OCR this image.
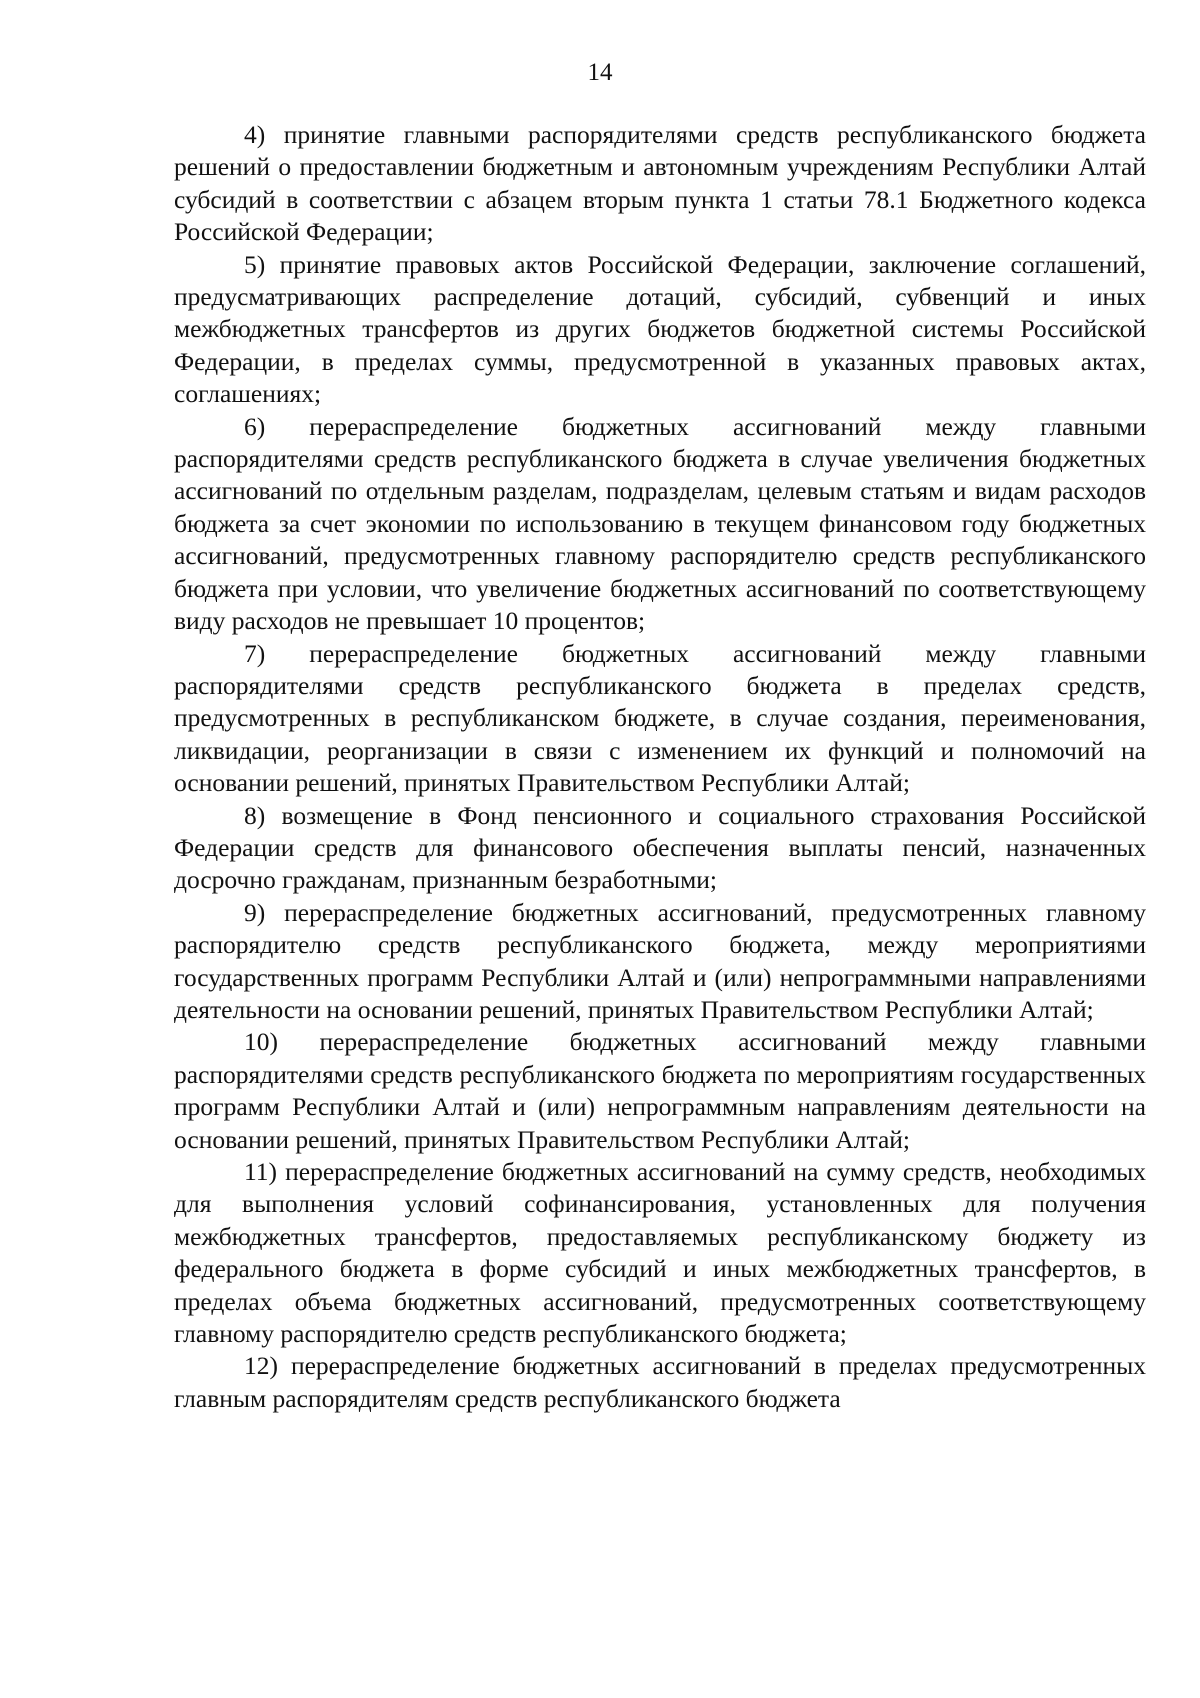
14

4) принятие главными распорядителями средств республиканского бюджета решений о предоставлении бюджетным и автономным учреждениям Республики Алтай субсидий в соответствии с абзацем вторым пункта 1 статьи 78.1 Бюджетного кодекса Российской Федерации;

5) принятие правовых актов Российской Федерации, заключение соглашений, предусматривающих распределение дотаций, субсидий, субвенций и иных межбюджетных трансфертов из других бюджетов бюджетной системы Российской Федерации, в пределах суммы, предусмотренной в указанных правовых актах, соглашениях;

6) перераспределение бюджетных ассигнований между главными распорядителями средств республиканского бюджета в случае увеличения бюджетных ассигнований по отдельным разделам, подразделам, целевым статьям и видам расходов бюджета за счет экономии по использованию в текущем финансовом году бюджетных ассигнований, предусмотренных главному распорядителю средств республиканского бюджета при условии, что увеличение бюджетных ассигнований по соответствующему виду расходов не превышает 10 процентов;

7) перераспределение бюджетных ассигнований между главными распорядителями средств республиканского бюджета в пределах средств, предусмотренных в республиканском бюджете, в случае создания, переименования, ликвидации, реорганизации в связи с изменением их функций и полномочий на основании решений, принятых Правительством Республики Алтай;

8) возмещение в Фонд пенсионного и социального страхования Российской Федерации средств для финансового обеспечения выплаты пенсий, назначенных досрочно гражданам, признанным безработными;

9) перераспределение бюджетных ассигнований, предусмотренных главному распорядителю средств республиканского бюджета, между мероприятиями государственных программ Республики Алтай и (или) непрограммными направлениями деятельности на основании решений, принятых Правительством Республики Алтай;

10) перераспределение бюджетных ассигнований между главными распорядителями средств республиканского бюджета по мероприятиям государственных программ Республики Алтай и (или) непрограммным направлениям деятельности на основании решений, принятых Правительством Республики Алтай;

11) перераспределение бюджетных ассигнований на сумму средств, необходимых для выполнения условий софинансирования, установленных для получения межбюджетных трансфертов, предоставляемых республиканскому бюджету из федерального бюджета в форме субсидий и иных межбюджетных трансфертов, в пределах объема бюджетных ассигнований, предусмотренных соответствующему главному распорядителю средств республиканского бюджета;

12) перераспределение бюджетных ассигнований в пределах предусмотренных главным распорядителям средств республиканского бюджета
